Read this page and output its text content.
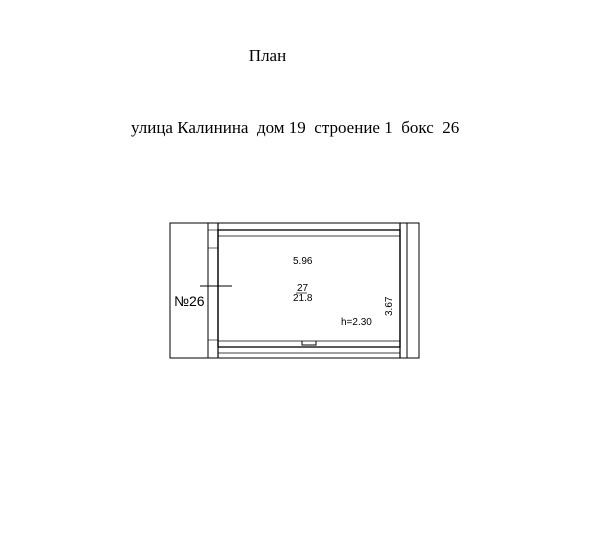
План
улица Калинина  дом 19  строение 1  бокс  26
№26
5.96
27
21.8
h=2.30
3.67
